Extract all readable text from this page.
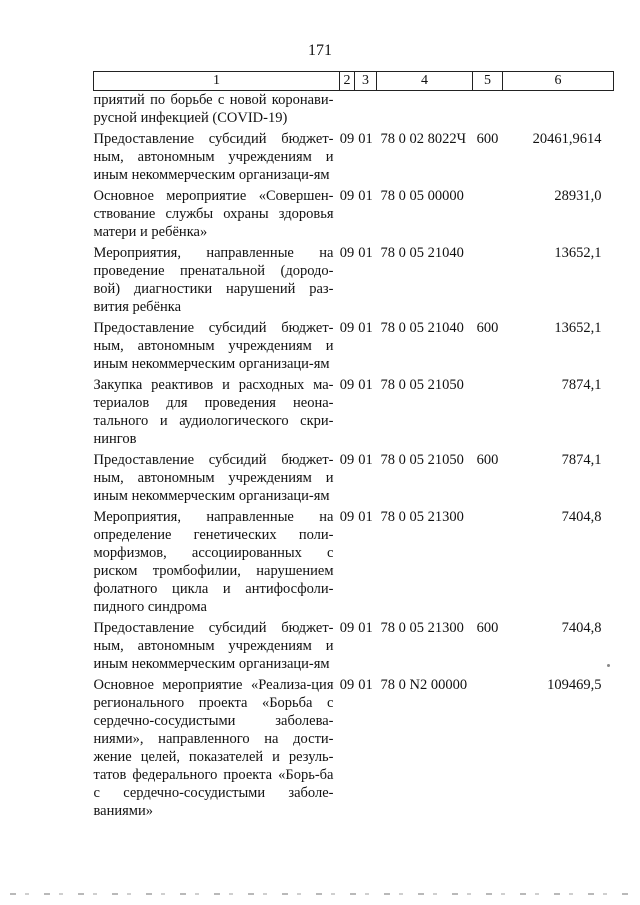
171
1	2	3	4	5	6
приятий по борьбе с новой коронави-русной инфекцией (COVID-19)					
Предоставление субсидий бюджет-ным, автономным учреждениям и иным некоммерческим организаци-ям	09	01	78 0 02 8022Ч	600	20461,9614
Основное мероприятие «Совершен-ствование службы охраны здоровья матери и ребёнка»	09	01	78 0 05 00000		28931,0
Мероприятия, направленные на проведение пренатальной (дородо-вой) диагностики нарушений раз-вития ребёнка	09	01	78 0 05 21040		13652,1
Предоставление субсидий бюджет-ным, автономным учреждениям и иным некоммерческим организаци-ям	09	01	78 0 05 21040	600	13652,1
Закупка реактивов и расходных ма-териалов для проведения неона-тального и аудиологического скри-нингов	09	01	78 0 05 21050		7874,1
Предоставление субсидий бюджет-ным, автономным учреждениям и иным некоммерческим организаци-ям	09	01	78 0 05 21050	600	7874,1
Мероприятия, направленные на определение генетических поли-морфизмов, ассоциированных с риском тромбофилии, нарушением фолатного цикла и антифосфоли-пидного синдрома	09	01	78 0 05 21300		7404,8
Предоставление субсидий бюджет-ным, автономным учреждениям и иным некоммерческим организаци-ям	09	01	78 0 05 21300	600	7404,8
Основное мероприятие «Реализа-ция регионального проекта «Борьба с сердечно-сосудистыми заболева-ниями», направленного на дости-жение целей, показателей и резуль-татов федерального проекта «Борь-ба с сердечно-сосудистыми заболе-ваниями»	09	01	78 0 N2 00000		109469,5
